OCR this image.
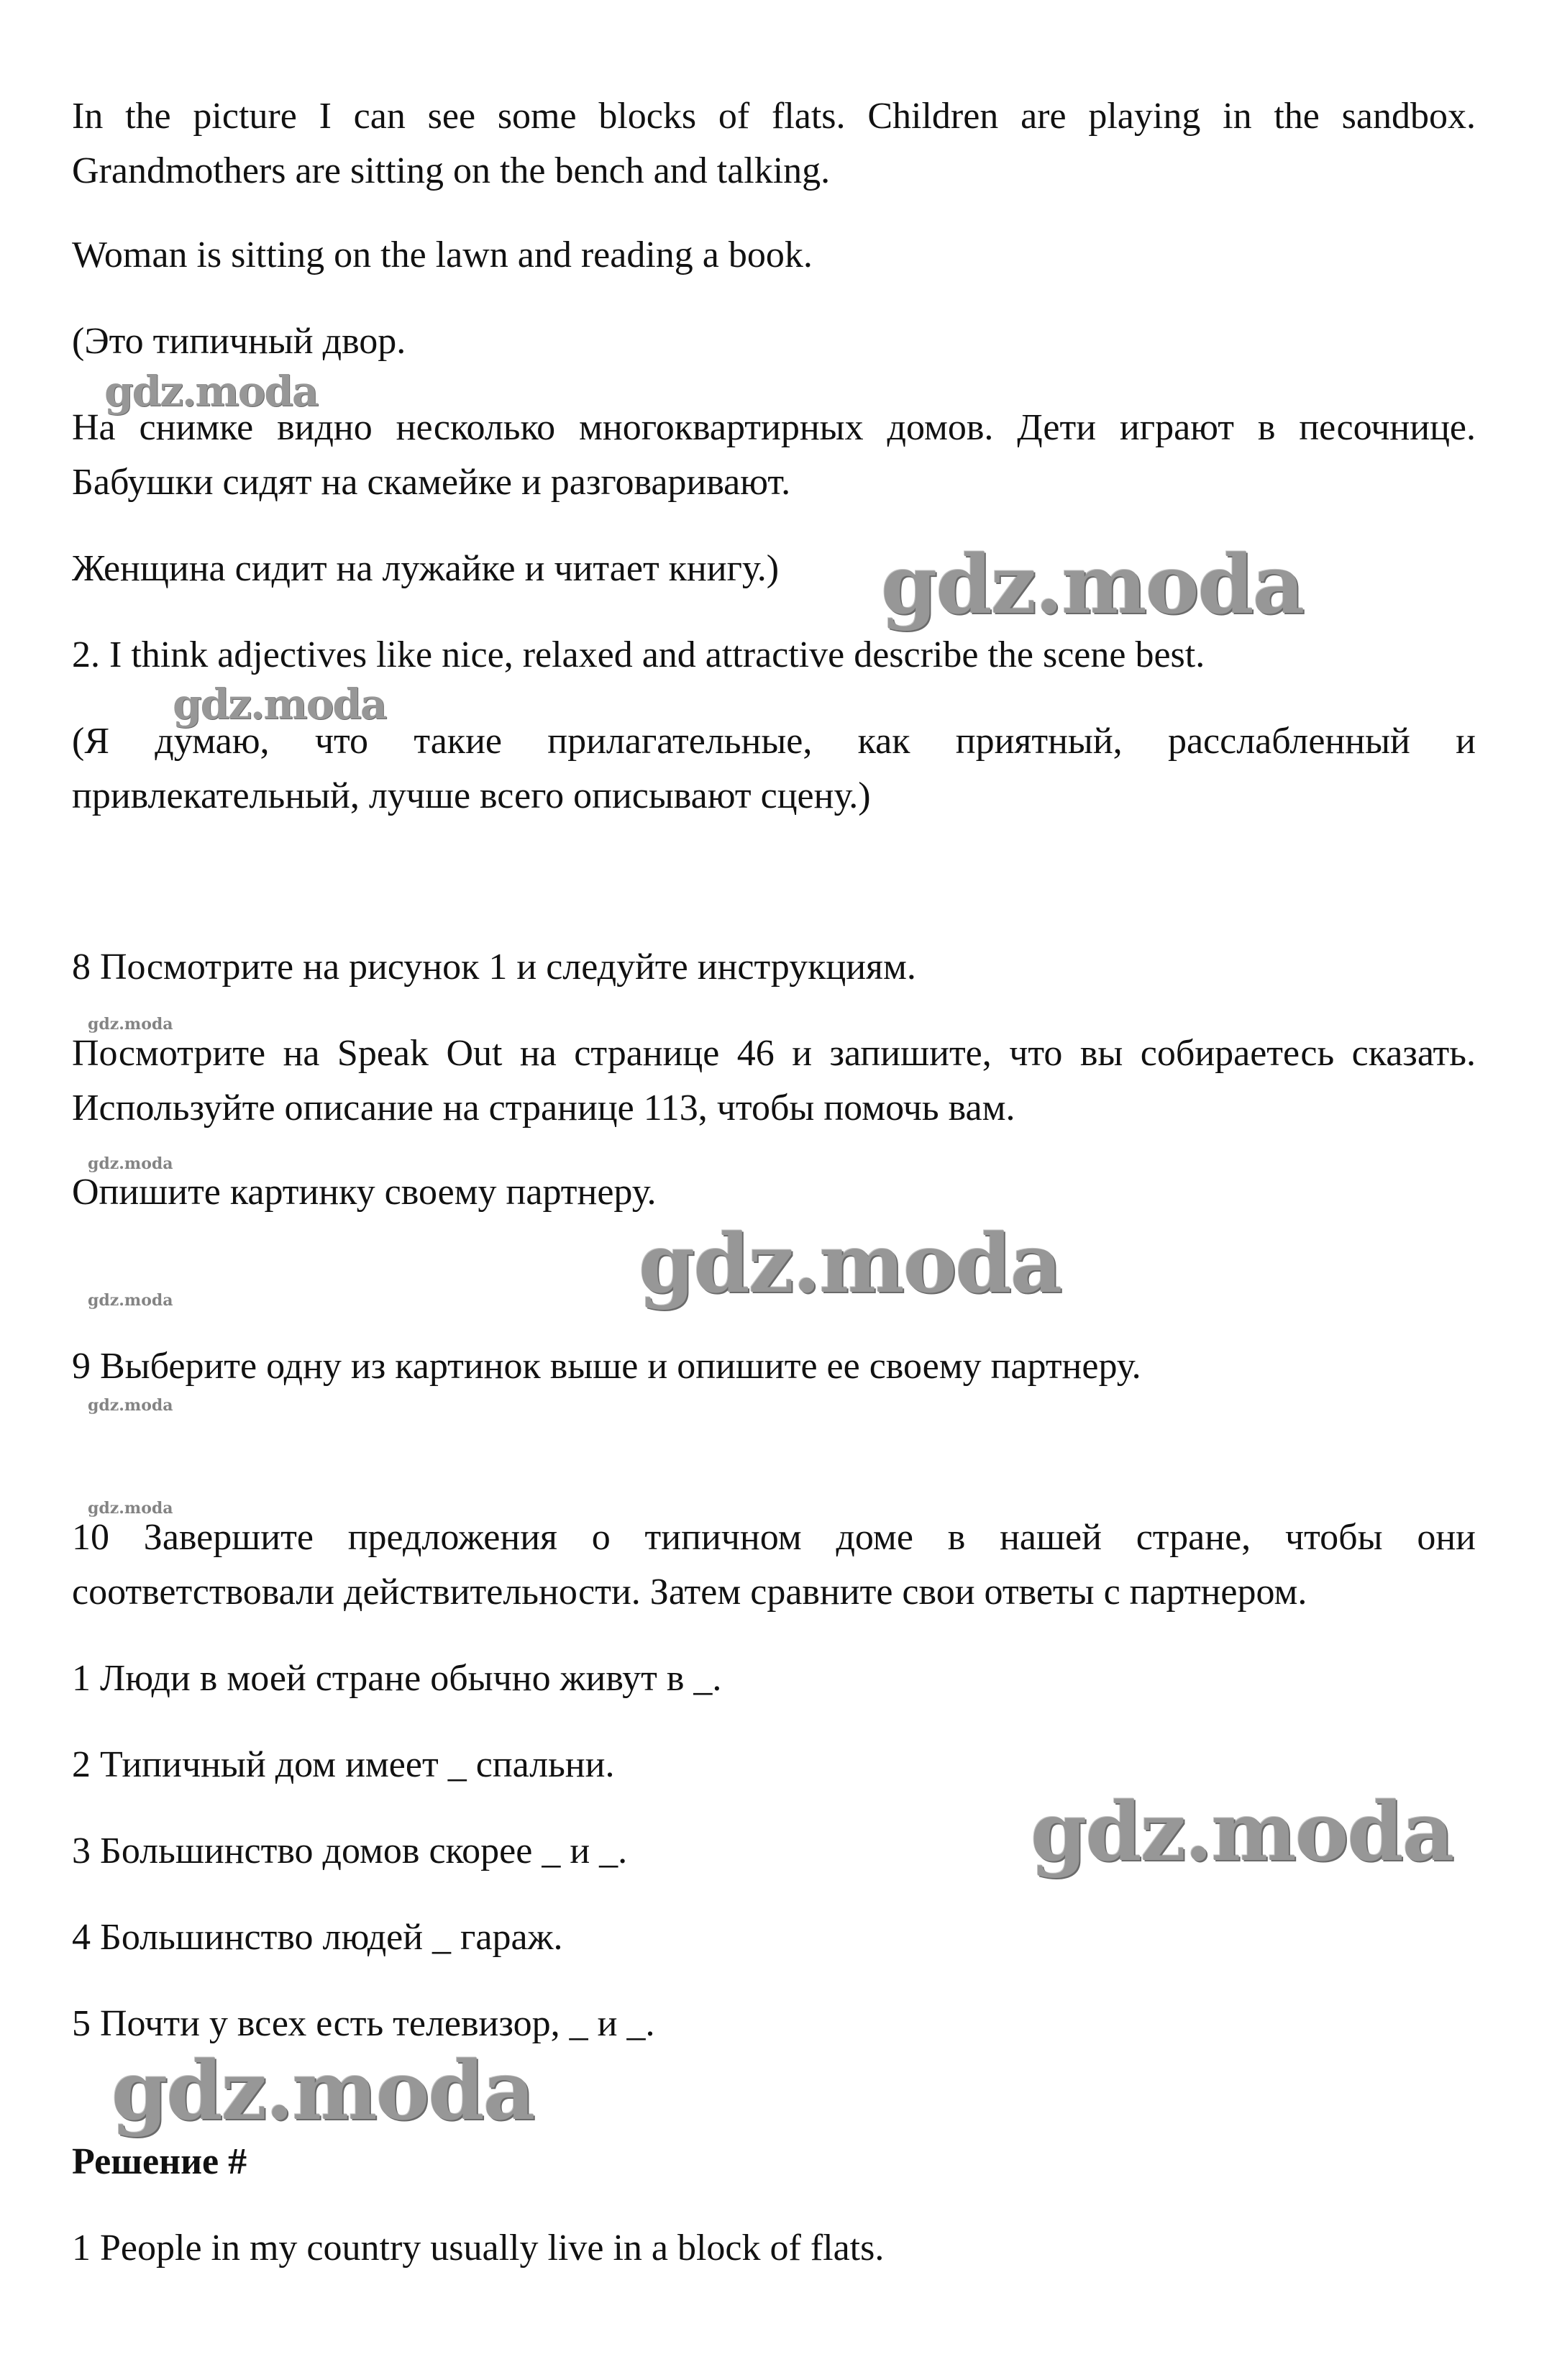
In the picture I can see some blocks of flats. Children are playing in the sandbox. Grandmothers are sitting on the bench and talking.

Woman is sitting on the lawn and reading a book.

(Это типичный двор.

На снимке видно несколько многоквартирных домов. Дети играют в песочнице. Бабушки сидят на скамейке и разговаривают.

Женщина сидит на лужайке и читает книгу.)

2. I think adjectives like nice, relaxed and attractive describe the scene best.

(Я думаю, что такие прилагательные, как приятный, расслабленный и привлекательный, лучше всего описывают сцену.)

8 Посмотрите на рисунок 1 и следуйте инструкциям.

Посмотрите на Speak Out на странице 46 и запишите, что вы собираетесь сказать. Используйте описание на странице 113, чтобы помочь вам.

Опишите картинку своему партнеру.

9 Выберите одну из картинок выше и опишите ее своему партнеру.

10 Завершите предложения о типичном доме в нашей стране, чтобы они соответствовали действительности. Затем сравните свои ответы с партнером.

1 Люди в моей стране обычно живут в _.

2 Типичный дом имеет _ спальни.

3 Большинство домов скорее _ и _.

4 Большинство людей _ гараж.

5 Почти у всех есть телевизор, _ и _.

Решение #

1 People in my country usually live in a block of flats.

gdz.moda
gdz.moda
gdz.moda
gdz.moda
gdz.moda
gdz.moda
gdz.moda
gdz.moda
gdz.moda
gdz.moda
gdz.moda
